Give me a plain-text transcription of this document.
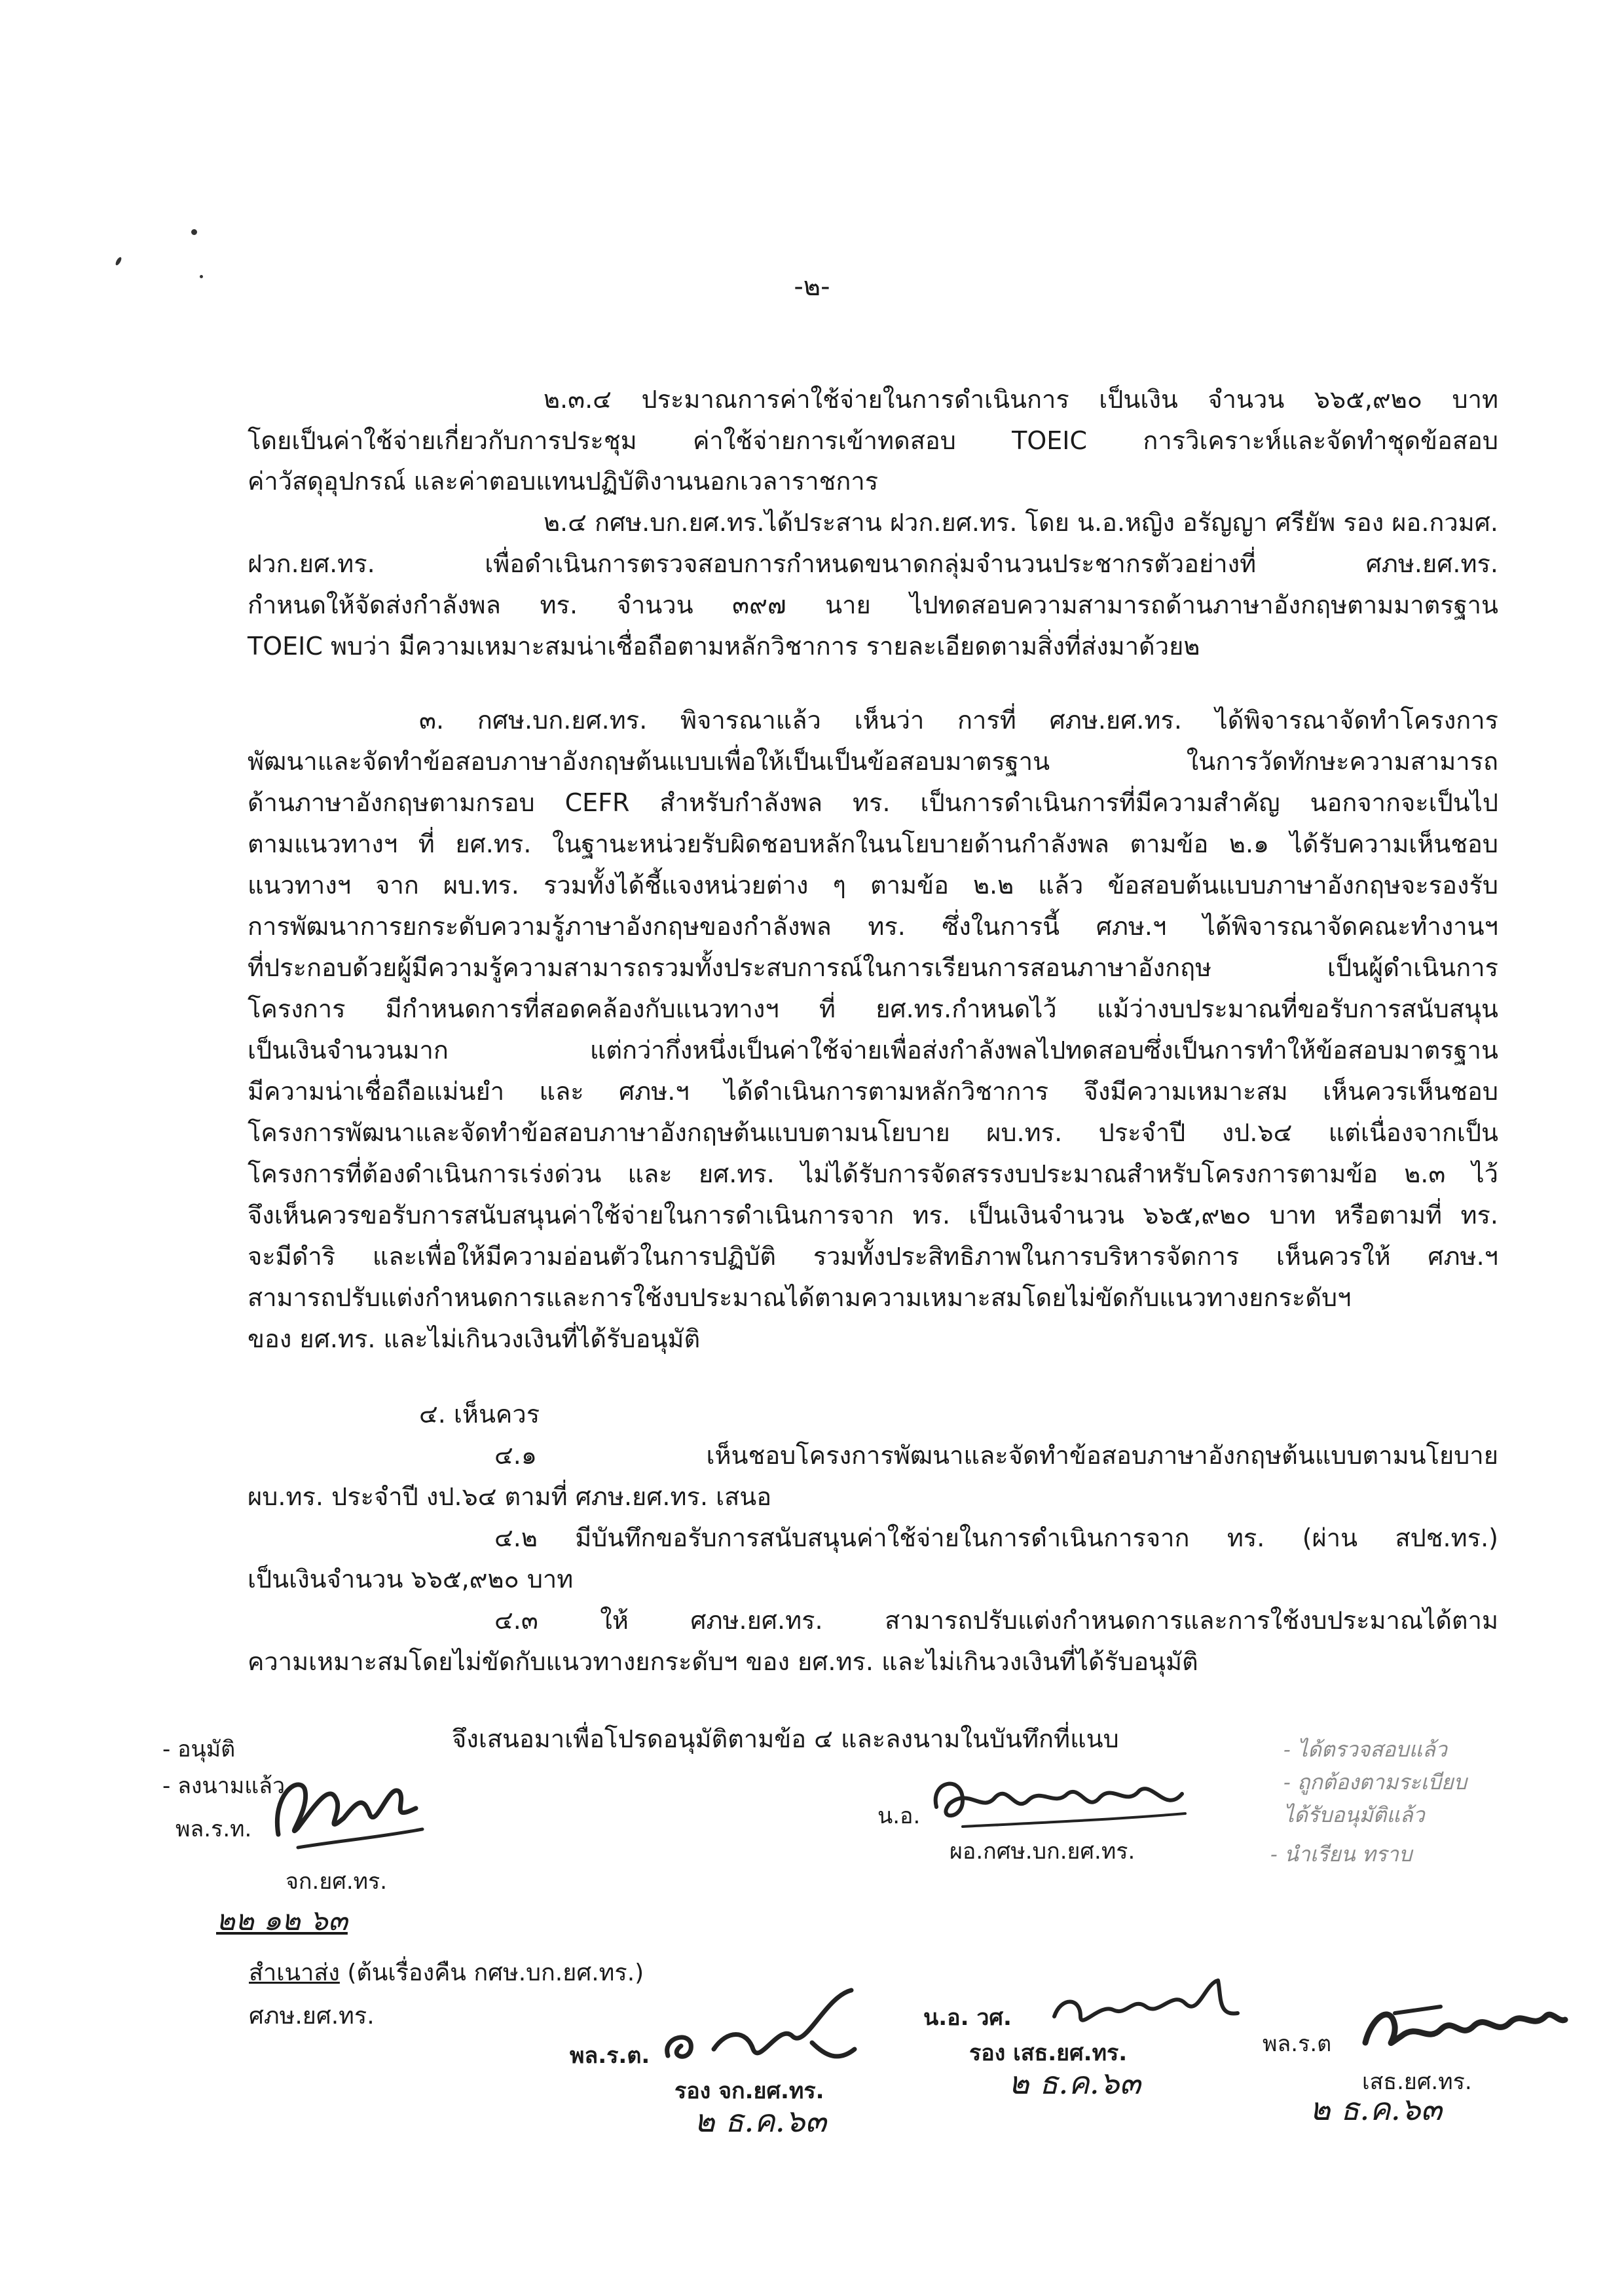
-๒-
๒.๓.๔ ประมาณการค่าใช้จ่ายในการดำเนินการ เป็นเงิน จำนวน ๖๖๕,๙๒๐ บาท
โดยเป็นค่าใช้จ่ายเกี่ยวกับการประชุม ค่าใช้จ่ายการเข้าทดสอบ TOEIC การวิเคราะห์และจัดทำชุดข้อสอบ
ค่าวัสดุอุปกรณ์ และค่าตอบแทนปฏิบัติงานนอกเวลาราชการ
๒.๔ กศษ.บก.ยศ.ทร.ได้ประสาน ฝวก.ยศ.ทร. โดย น.อ.หญิง อรัญญา ศรียัพ รอง ผอ.กวมศ.
ฝวก.ยศ.ทร. เพื่อดำเนินการตรวจสอบการกำหนดขนาดกลุ่มจำนวนประชากรตัวอย่างที่ ศภษ.ยศ.ทร.
กำหนดให้จัดส่งกำลังพล ทร. จำนวน ๓๙๗ นาย ไปทดสอบความสามารถด้านภาษาอังกฤษตามมาตรฐาน
TOEIC พบว่า มีความเหมาะสมน่าเชื่อถือตามหลักวิชาการ รายละเอียดตามสิ่งที่ส่งมาด้วย๒
๓. กศษ.บก.ยศ.ทร. พิจารณาแล้ว เห็นว่า การที่ ศภษ.ยศ.ทร. ได้พิจารณาจัดทำโครงการ
พัฒนาและจัดทำข้อสอบภาษาอังกฤษต้นแบบเพื่อให้เป็นเป็นข้อสอบมาตรฐาน ในการวัดทักษะความสามารถ
ด้านภาษาอังกฤษตามกรอบ CEFR สำหรับกำลังพล ทร. เป็นการดำเนินการที่มีความสำคัญ นอกจากจะเป็นไป
ตามแนวทางฯ ที่ ยศ.ทร. ในฐานะหน่วยรับผิดชอบหลักในนโยบายด้านกำลังพล ตามข้อ ๒.๑ ได้รับความเห็นชอบ
แนวทางฯ จาก ผบ.ทร. รวมทั้งได้ชี้แจงหน่วยต่าง ๆ ตามข้อ ๒.๒ แล้ว ข้อสอบต้นแบบภาษาอังกฤษจะรองรับ
การพัฒนาการยกระดับความรู้ภาษาอังกฤษของกำลังพล ทร. ซึ่งในการนี้ ศภษ.ฯ ได้พิจารณาจัดคณะทำงานฯ
ที่ประกอบด้วยผู้มีความรู้ความสามารถรวมทั้งประสบการณ์ในการเรียนการสอนภาษาอังกฤษ เป็นผู้ดำเนินการ
โครงการ มีกำหนดการที่สอดคล้องกับแนวทางฯ ที่ ยศ.ทร.กำหนดไว้ แม้ว่างบประมาณที่ขอรับการสนับสนุน
เป็นเงินจำนวนมาก แต่กว่ากึ่งหนึ่งเป็นค่าใช้จ่ายเพื่อส่งกำลังพลไปทดสอบซึ่งเป็นการทำให้ข้อสอบมาตรฐาน
มีความน่าเชื่อถือแม่นยำ และ ศภษ.ฯ ได้ดำเนินการตามหลักวิชาการ จึงมีความเหมาะสม เห็นควรเห็นชอบ
โครงการพัฒนาและจัดทำข้อสอบภาษาอังกฤษต้นแบบตามนโยบาย ผบ.ทร. ประจำปี งป.๖๔ แต่เนื่องจากเป็น
โครงการที่ต้องดำเนินการเร่งด่วน และ ยศ.ทร. ไม่ได้รับการจัดสรรงบประมาณสำหรับโครงการตามข้อ ๒.๓ ไว้
จึงเห็นควรขอรับการสนับสนุนค่าใช้จ่ายในการดำเนินการจาก ทร. เป็นเงินจำนวน ๖๖๕,๙๒๐ บาท หรือตามที่ ทร.
จะมีดำริ และเพื่อให้มีความอ่อนตัวในการปฏิบัติ รวมทั้งประสิทธิภาพในการบริหารจัดการ เห็นควรให้ ศภษ.ฯ
สามารถปรับแต่งกำหนดการและการใช้งบประมาณได้ตามความเหมาะสมโดยไม่ขัดกับแนวทางยกระดับฯ
ของ ยศ.ทร. และไม่เกินวงเงินที่ได้รับอนุมัติ
๔. เห็นควร
๔.๑ เห็นชอบโครงการพัฒนาและจัดทำข้อสอบภาษาอังกฤษต้นแบบตามนโยบาย
ผบ.ทร. ประจำปี งป.๖๔ ตามที่ ศภษ.ยศ.ทร. เสนอ
๔.๒ มีบันทึกขอรับการสนับสนุนค่าใช้จ่ายในการดำเนินการจาก ทร. (ผ่าน สปช.ทร.)
เป็นเงินจำนวน ๖๖๕,๙๒๐ บาท
๔.๓ ให้ ศภษ.ยศ.ทร. สามารถปรับแต่งกำหนดการและการใช้งบประมาณได้ตาม
ความเหมาะสมโดยไม่ขัดกับแนวทางยกระดับฯ ของ ยศ.ทร. และไม่เกินวงเงินที่ได้รับอนุมัติ
จึงเสนอมาเพื่อโปรดอนุมัติตามข้อ ๔ และลงนามในบันทึกที่แนบ
- อนุมัติ
- ลงนามแล้ว
พล.ร.ท.
จก.ยศ.ทร.
๒๒ ๑๒ ๖๓
น.อ.
ผอ.กศษ.บก.ยศ.ทร.
- ได้ตรวจสอบแล้ว
- ถูกต้องตามระเบียบ
ได้รับอนุมัติแล้ว
- นำเรียน ทราบ
สำเนาส่ง (ต้นเรื่องคืน กศษ.บก.ยศ.ทร.)
ศภษ.ยศ.ทร.
พล.ร.ต.
รอง จก.ยศ.ทร.
๒ ธ.ค.๖๓
น.อ. วศ.
รอง เสธ.ยศ.ทร.
๒ ธ.ค.๖๓
พล.ร.ต
เสธ.ยศ.ทร.
๒ ธ.ค.๖๓
